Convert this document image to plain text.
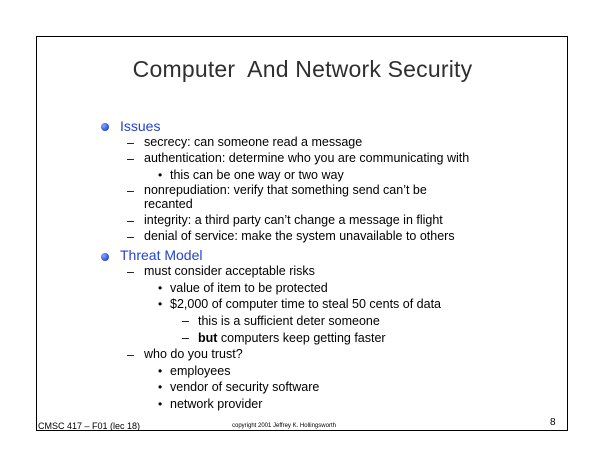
Computer  And Network Security
Issues
– secrecy: can someone read a message
– authentication: determine who you are communicating with
• this can be one way or two way
– nonrepudiation: verify that something send can’t be
recanted
– integrity: a third party can’t change a message in flight
– denial of service: make the system unavailable to others
Threat Model
– must consider acceptable risks
• value of item to be protected
• $2,000 of computer time to steal 50 cents of data
– this is a sufficient deter someone
– but computers keep getting faster
– who do you trust?
• employees
• vendor of security software
• network provider
CMSC 417 – F01 (lec 18)	copyright 2001 Jeffrey K. Hollingsworth	8
